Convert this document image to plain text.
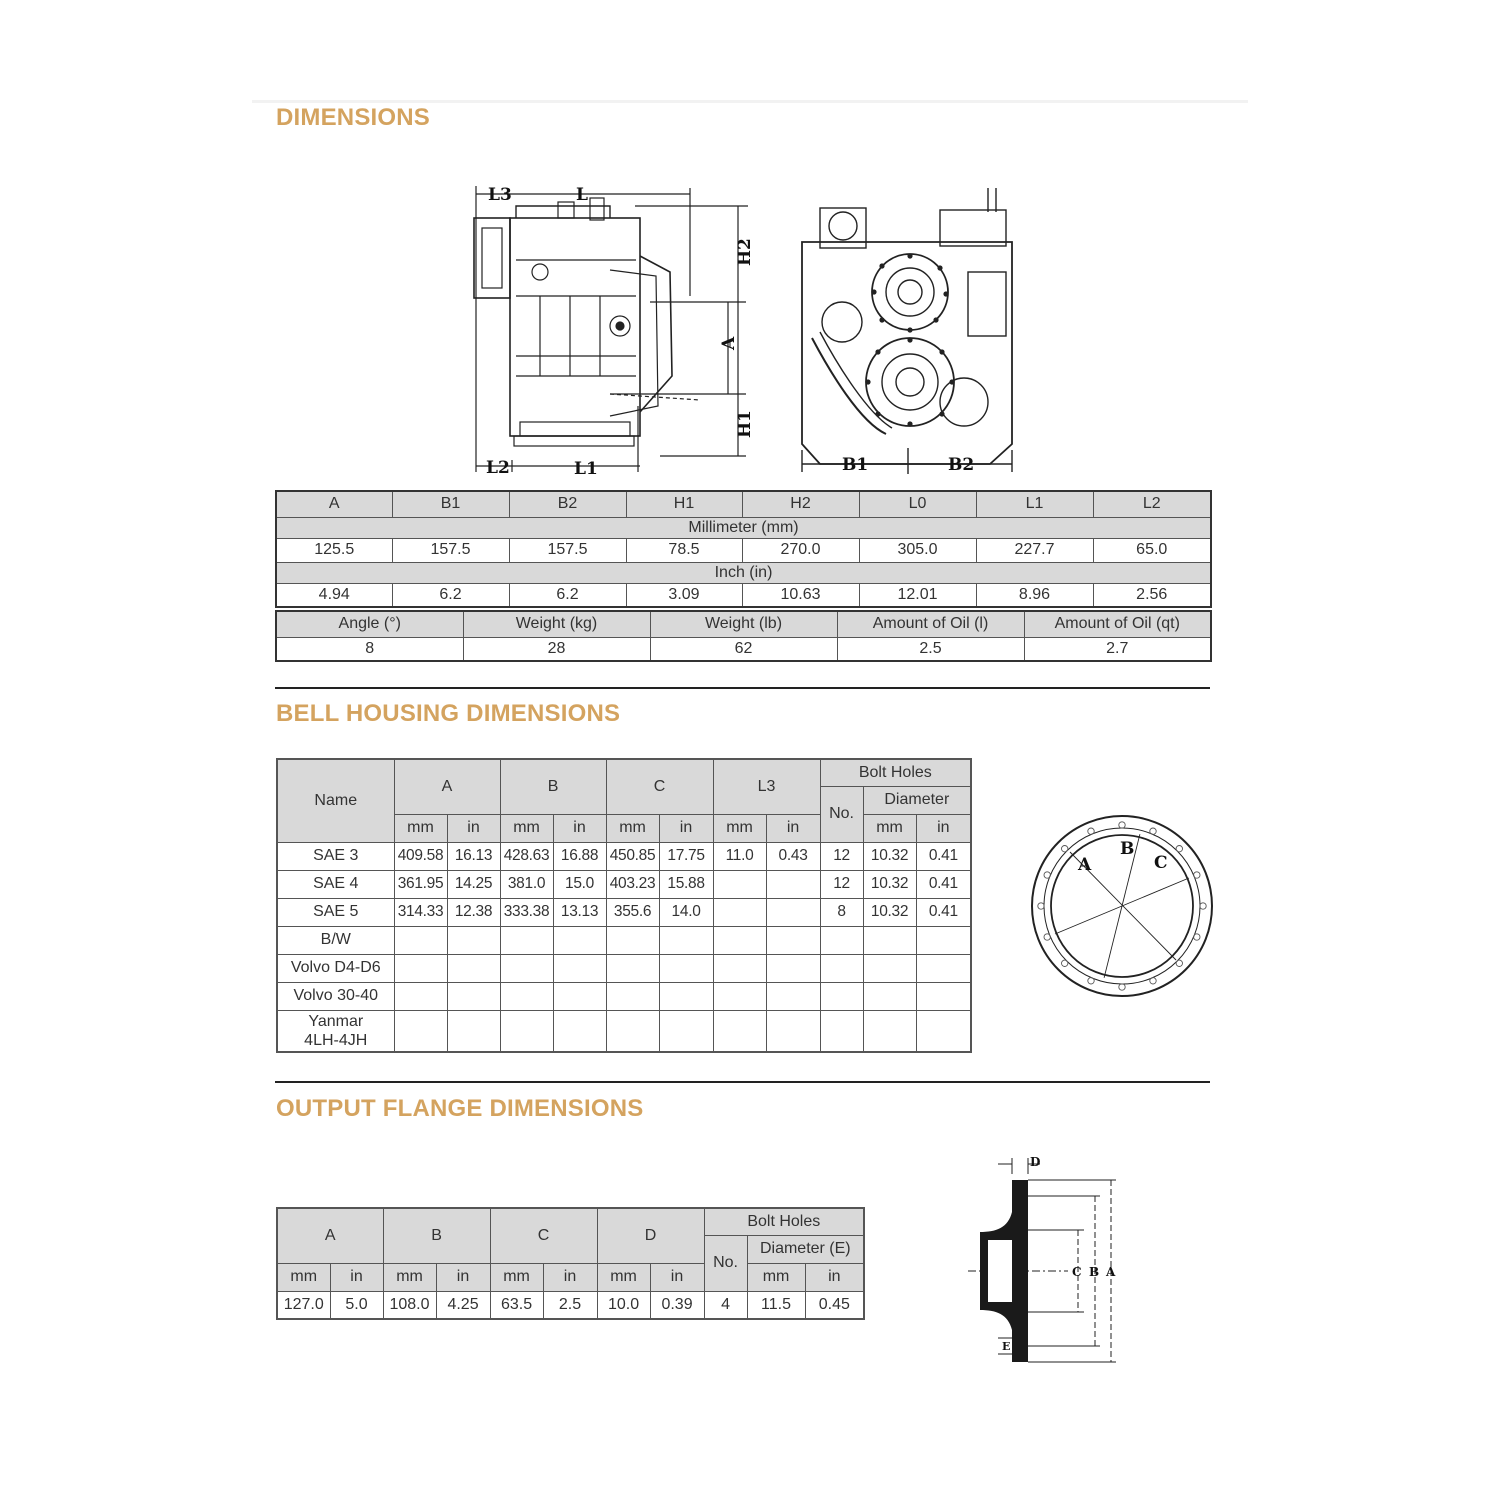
DIMENSIONS
L3	L
H2
A
H1
L2	L1	B1	B2
A	B1	B2	H1	H2	L0	L1	L2
Millimeter (mm)							
125.5	157.5	157.5	78.5	270.0	305.0	227.7	65.0
Inch (in)							
4.94	6.2	6.2	3.09	10.63	12.01	8.96	2.56
Angle (°)	Weight (kg)	Weight (lb)	Amount of Oil (l)	Amount of Oil (qt)
8	28	62	2.5	2.7
BELL HOUSING DIMENSIONS
Name	A		B		C		L3		Bolt Holes		
									No.	Diameter	
	mm	in	mm	in	mm	in	mm	in		mm	in
SAE 3	409.58	16.13	428.63	16.88	450.85	17.75	11.0	0.43	12	10.32	0.41
SAE 4	361.95	14.25	381.0	15.0	403.23	15.88			12	10.32	0.41
SAE 5	314.33	12.38	333.38	13.13	355.6	14.0			8	10.32	0.41
B/W											
Volvo D4-D6											
Volvo 30-40											

Yanmar
4LH-4JH											

A
B
C
OUTPUT FLANGE DIMENSIONS
A		B		C		D		Bolt Holes		
								No.	Diameter (E)	
mm	in	mm	in	mm	in	mm	in		mm	in
127.0	5.0	108.0	4.25	63.5	2.5	10.0	0.39	4	11.5	0.45
D
C B A
E
